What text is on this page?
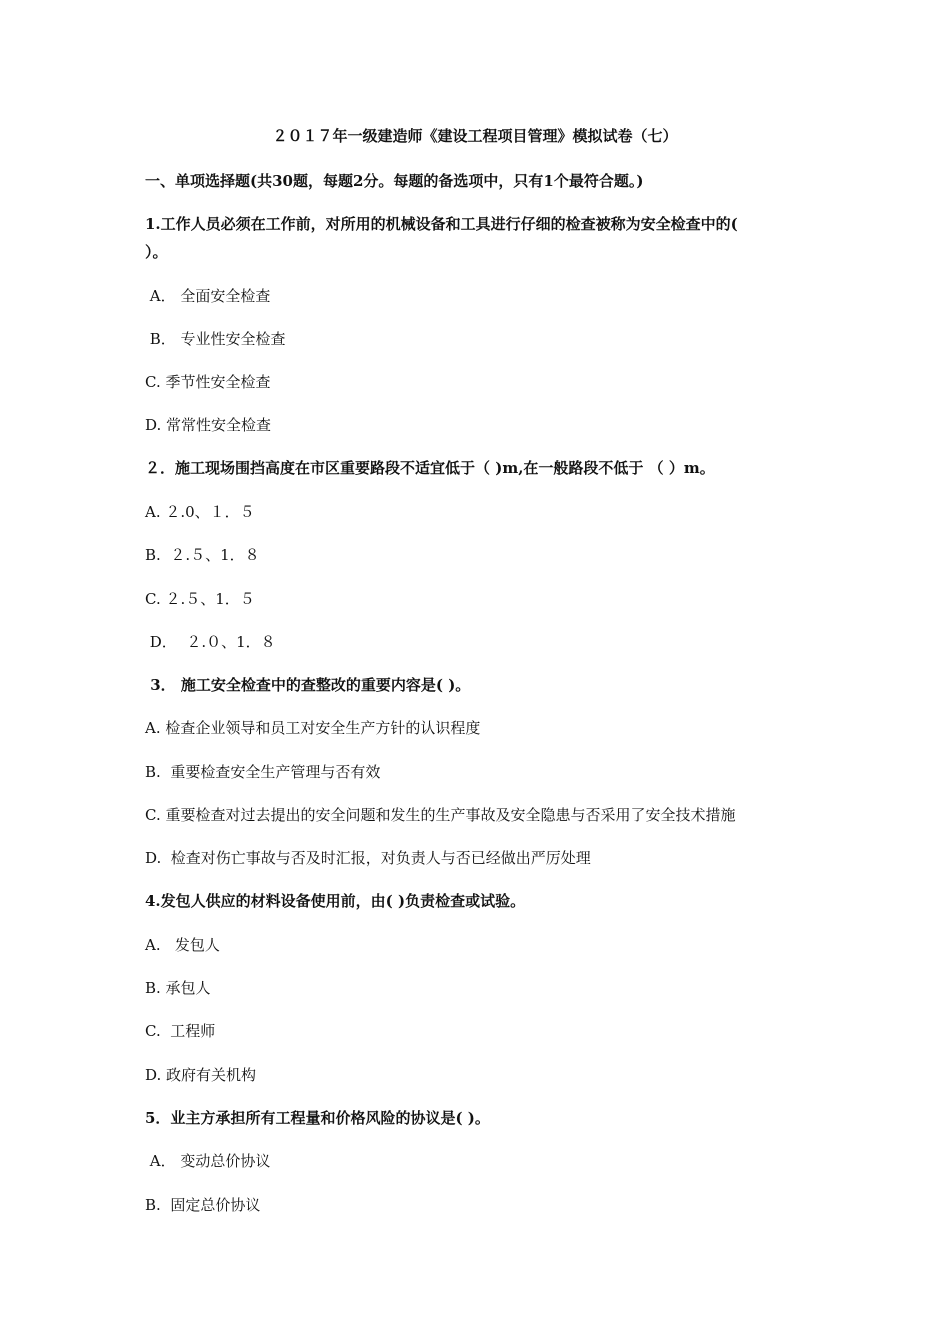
２０１７年一级建造师《建设工程项目管理》模拟试卷（七）
一、单项选择题(共30题，每题2分。每题的备选项中，只有1个最符合题。)
1.工作人员必须在工作前，对所用的机械设备和工具进行仔细的检查被称为安全检查中的(
）。
A． 全面安全检查
B． 专业性安全检查
C. 季节性安全检查
D. 常常性安全检查
２．施工现场围挡高度在市区重要路段不适宜低于（ )m,在一般路段不低于 （ ）m。
A. ２.0、１．５
B.  ２.５、1．８
C. ２.５、1．５
D．  ２.０、1．８
3． 施工安全检查中的查整改的重要内容是( )。
A. 检查企业领导和员工对安全生产方针的认识程度
B.  重要检查安全生产管理与否有效
C. 重要检查对过去提出的安全问题和发生的生产事故及安全隐患与否采用了安全技术措施
D.  检查对伤亡事故与否及时汇报，对负责人与否已经做出严厉处理
4.发包人供应的材料设备使用前，由( )负责检查或试验。
A.   发包人
B. 承包人
C.  工程师
D. 政府有关机构
5．业主方承担所有工程量和价格风险的协议是( )。
A． 变动总价协议
B.  固定总价协议
